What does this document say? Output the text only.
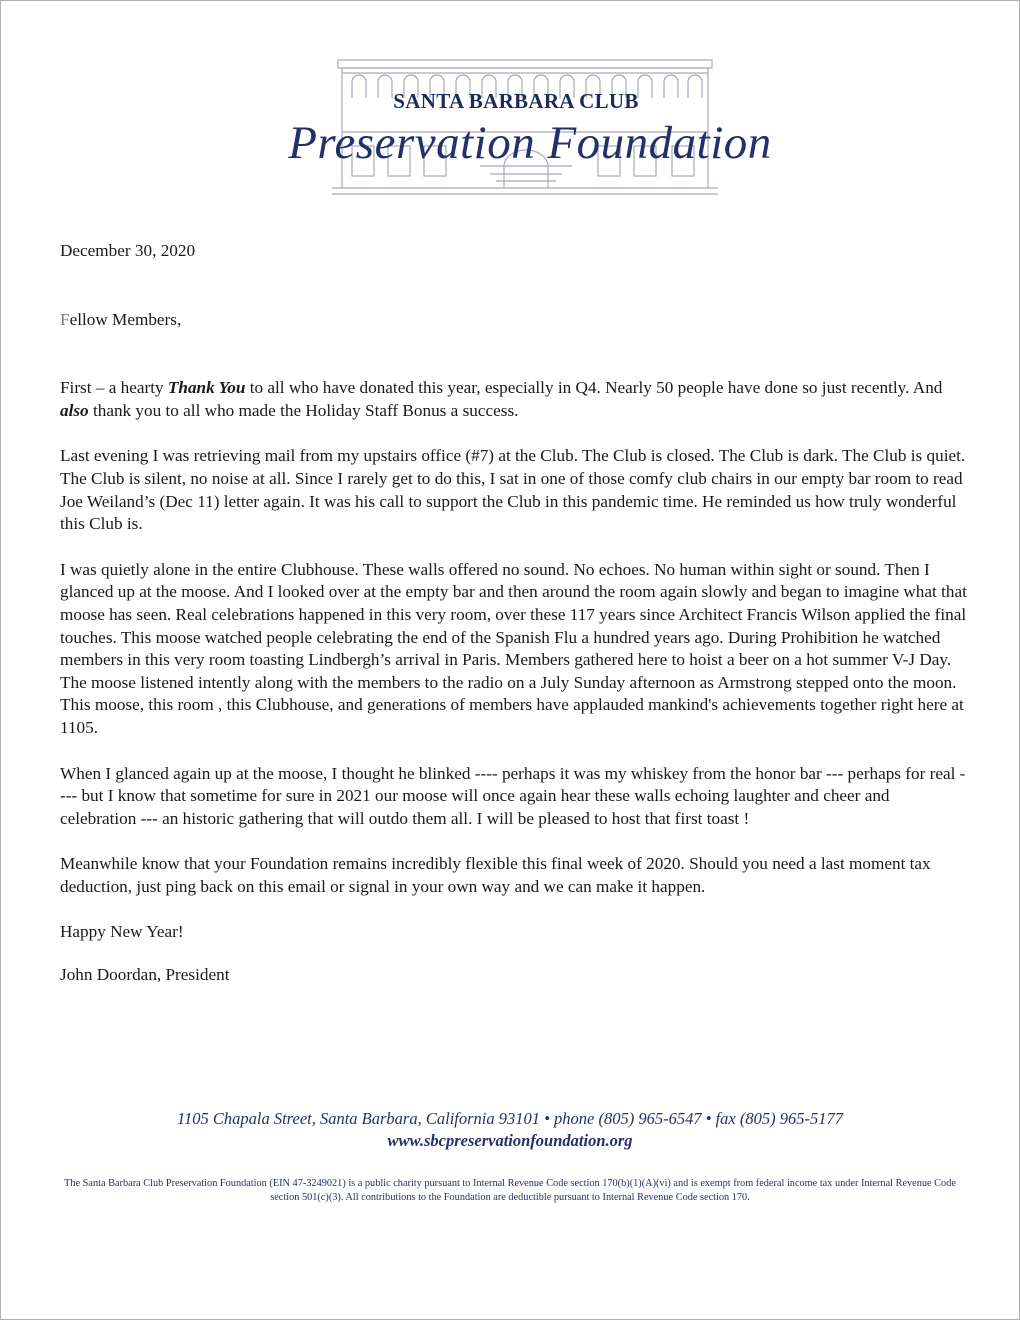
SANTA BARBARA CLUB
Preservation Foundation

December 30, 2020

Fellow Members,

First – a hearty Thank You to all who have donated this year, especially in Q4. Nearly 50 people have done so just recently. And also thank you to all who made the Holiday Staff Bonus a success.

Last evening I was retrieving mail from my upstairs office (#7) at the Club. The Club is closed. The Club is dark. The Club is quiet. The Club is silent, no noise at all. Since I rarely get to do this, I sat in one of those comfy club chairs in our empty bar room to read Joe Weiland’s (Dec 11) letter again. It was his call to support the Club in this pandemic time. He reminded us how truly wonderful this Club is.

I was quietly alone in the entire Clubhouse. These walls offered no sound. No echoes. No human within sight or sound. Then I glanced up at the moose. And I looked over at the empty bar and then around the room again slowly and began to imagine what that moose has seen. Real celebrations happened in this very room, over these 117 years since Architect Francis Wilson applied the final touches. This moose watched people celebrating the end of the Spanish Flu a hundred years ago. During Prohibition he watched members in this very room toasting Lindbergh’s arrival in Paris. Members gathered here to hoist a beer on a hot summer V-J Day. The moose listened intently along with the members to the radio on a July Sunday afternoon as Armstrong stepped onto the moon. This moose, this room , this Clubhouse, and generations of members have applauded mankind's achievements together right here at 1105.

When I glanced again up at the moose, I thought he blinked ---- perhaps it was my whiskey from the honor bar --- perhaps for real ---- but I know that sometime for sure in 2021 our moose will once again hear these walls echoing laughter and cheer and celebration --- an historic gathering that will outdo them all. I will be pleased to host that first toast !

Meanwhile know that your Foundation remains incredibly flexible this final week of 2020. Should you need a last moment tax deduction, just ping back on this email or signal in your own way and we can make it happen.

Happy New Year!

John Doordan, President

1105 Chapala Street, Santa Barbara, California 93101 • phone (805) 965-6547 • fax (805) 965-5177
www.sbcpreservationfoundation.org
The Santa Barbara Club Preservation Foundation (EIN 47-3249021) is a public charity pursuant to Internal Revenue Code section 170(b)(1)(A)(vi) and is exempt from federal income tax under Internal Revenue Code section 501(c)(3). All contributions to the Foundation are deductible pursuant to Internal Revenue Code section 170.
